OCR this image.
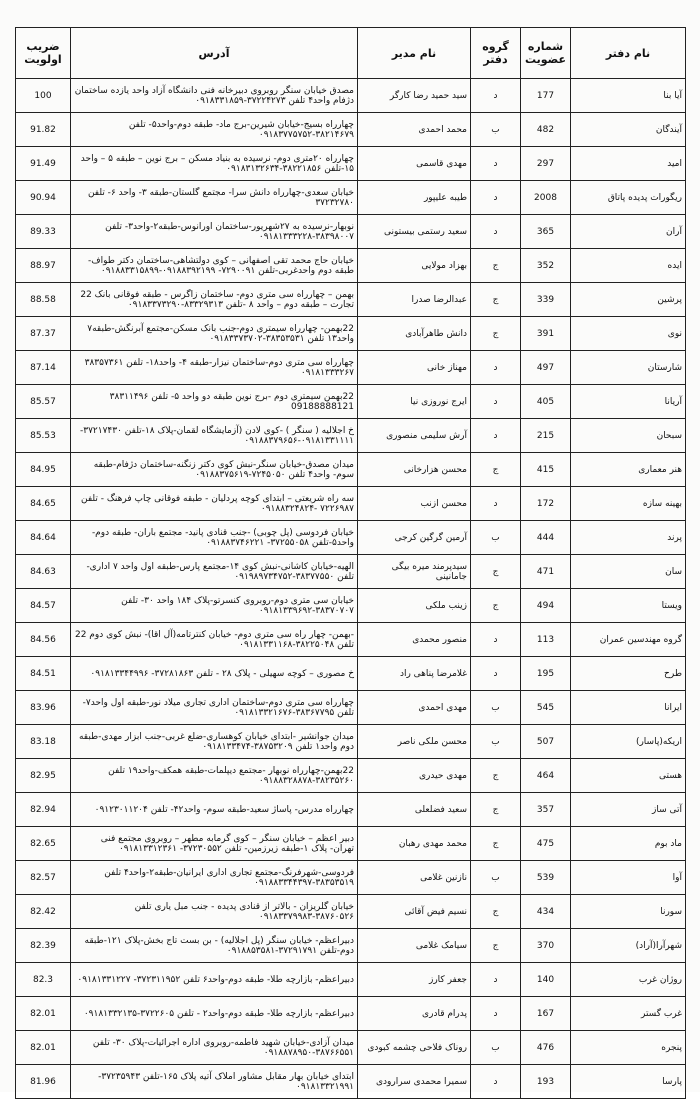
نام دفتر	شماره عضویت	گروه دفتر	نام مدیر	آدرس	ضریب اولویت
آیا بنا	177	د	سید حمید رضا کارگر	مصدق خیابان سنگر روبروی دبیرخانه فنی دانشگاه آزاد واحد یازده ساختمان دژفام واحد۴ تلفن ۳۷۲۲۴۲۷۳-۰۹۱۸۳۳۱۸۵۹	100
آیندگان	482	ب	محمد احمدی	چهارراه بسیج-خیابان شیرین-برج ماد- طبقه دوم-واحد۵- تلفن ۳۸۲۱۴۶۷۹-۰۹۱۸۳۷۷۵۷۵۲	91.82
امید	297	د	مهدی قاسمی	چهارراه ۲۰متری دوم- نرسیده به بنیاد مسکن – برج نوین – طبقه ۵ – واحد ۱۵-تلفن ۳۸۲۲۱۸۵۶-۰۹۱۸۳۱۳۲۶۳۴	91.49
ریگورات پدیده پاتاق	2008	د	طیبه علیپور	خیابان سعدی-چهارراه دانش سرا- مجتمع گلستان-طبقه ۳- واحد ۶- تلفن ۳۷۲۳۲۷۸۰	90.94
آران	365	د	سعید رستمی بیستونی	نوبهار-نرسیده به ۲۷شهریور-ساختمان اورانوس-طبقه۲-واحد۳- تلفن ۳۸۳۹۸۰۰۷-۰۹۱۸۱۳۳۳۲۲۸	89.33
ایده	352	ج	بهزاد مولایی	خیابان حاج محمد تقی اصفهانی – کوی دولتشاهی-ساختمان دکتر طواف-طبقه دوم واحدغربی-تلفن ۷۲۹۰۰۹۱- ۰۹۱۸۸۳۹۲۱۹۹-۰۹۱۸۸۳۳۱۵۸۹۹	88.97
پرشین	339	ج	عبدالرضا صدرا	بهمن – چهارراه سی متری دوم- ساختمان زاگرس - طبقه فوقانی بانک 22 تجارت – طبقه دوم – واحد ۸ -تلفن ۸۳۳۲۹۳۱۳-۰۹۱۸۳۳۷۳۲۹۰	88.58
نوی	391	ج	دانش طاهرآبادی	22بهمن- چهارراه سیمتری دوم-جنب بانک مسکن-مجتمع آبرنگش-طبقه۷ واحد۱۳ تلفن ۳۸۳۵۳۵۳۱-۰۹۱۸۳۳۷۳۷۰۲	87.37
شارستان	497	د	مهناز خانی	چهارراه سی متری دوم-ساختمان نیزار-طبقه ۴- واحد۱۸- تلفن ۳۸۳۵۷۳۶۱ ۰۹۱۸۱۳۳۳۲۶۷	87.14
آریانا	405	د	ایرج نوروزی نیا	22بهمن سیمتری دوم -برج نوین طبقه دو واحد ۵- تلفن ۳۸۳۱۱۴۹۶ 09188888121	85.57
سبحان	215	د	آرش سلیمی منصوری	خ اجلالیه ( سنگر ) -کوی لادن (آزمایشگاه لقمان-پلاک ۱۸-تلفن ۳۷۲۱۷۴۳۰- ۰۹۱۸۱۳۳۱۱۱۱-۰۹۱۸۸۳۷۹۶۵۶	85.53
هنر معماری	415	ج	محسن هزارخانی	میدان مصدق-خیابان سنگر-نبش کوی دکتر زنگنه-ساختمان دژفام-طبقه سوم- واحد۴ تلفن ۷۲۴۵۰۵۰-۰۹۱۸۸۳۷۵۶۱۹	84.95
بهینه سازه	172	د	محسن ازنب	سه راه شریعتی – ابتدای کوچه پردلیان - طبقه فوقانی چاپ فرهنگ - تلفن ۷۲۲۶۹۸۷ -۰۹۱۸۸۳۲۴۸۲۴	84.65
پرند	444	ب	آرمین گرگین کرجی	خیابان فردوسی (پل چوبی) -جنب قنادی پانید- مجتمع باران- طبقه دوم-واحد۵-تلفن ۳۷۲۵۵۰۵۸- ۰۹۱۸۸۳۷۴۶۲۲۱	84.64
سان	471	ج	سیدپرمند میره بیگی جامانینی	الهیه-خیابان کاشانی-نبش کوی ۱۴-مجتمع پارس-طبقه اول واحد ۷ اداری-تلفن ۳۸۳۷۷۵۵۰-۰۹۱۹۸۹۷۳۴۷۵۲	84.63
ویستا	494	ج	زینب ملکی	خیابان سی متری دوم-روبروی کنسرتو-پلاک ۱۸۴ واحد ۳۰- تلفن ۳۸۳۷۰۷۰۷-۰۹۱۸۱۳۳۹۶۹۲	84.57
گروه مهندسین عمران	113	د	منصور محمدی	-بهمن- چهار راه سی متری دوم- خیابان کنترتامه(آل اقا)- نبش کوی دوم 22 تلفن ۳۸۲۲۵۰۴۸-۰۹۱۸۱۳۳۱۱۶۸	84.56
طرح	195	د	غلامرضا پناهی راد	خ مصوری – کوچه سهیلی - پلاک ۲۸ - تلفن ۳۷۲۸۱۸۶۳- ۰۹۱۸۱۳۳۴۴۹۹۶	84.51
ایرانا	545	ب	مهدی احمدی	چهارراه سی متری دوم-ساختمان اداری تجاری میلاد نور-طبقه اول واحد۷- تلفن ۳۸۳۶۷۷۹۵-۰۹۱۸۱۳۳۲۱۶۷۶	83.96
اریکه(پاسار)	507	ب	محسن ملکی ناصر	میدان جوانشیر -ابتدای خیابان کوهساری-ضلع غربی-جنب ابزار مهدی-طبقه دوم واحد۱ تلفن ۳۸۷۵۳۲۰۹-۰۹۱۸۱۳۳۴۷۴	83.18
هستی	464	ج	مهدی حیدری	22بهمن-چهارراه نوبهار -مجتمع دیپلمات-طبقه همکف-واحد۱۹ تلفن ۳۸۲۳۵۲۶۰-۰۹۱۸۸۳۲۸۸۷۸	82.95
آتی ساز	357	ج	سعید فضلعلی	چهارراه مدرس- پاساژ سعید-طبقه سوم- واحد۴۲- تلفن ۰۹۱۲۳۰۱۱۲۰۴	82.94
ماد بوم	475	ج	محمد مهدی رهبان	دبیر اعظم – خیابان سنگر – کوی گرمابه مطهر – روبروی مجتمع فنی تهران- پلاک ۱-طبقه زیرزمین- تلفن ۳۷۲۳۰۵۵۲- ۰۹۱۸۱۳۳۱۲۳۶۱	82.65
آوا	539	ب	نازنین غلامی	فردوسی-شهرفرنگ-مجتمع تجاری اداری ایرانیان-طبقه۲-واحد۴ تلفن ۳۸۳۵۳۵۱۹-۰۹۱۸۸۳۳۴۴۳۹۷	82.57
سورنا	434	ج	نسیم فیض آقائی	خیابان گلریزان - بالاتر از قنادی پدیده - جنب مبل یاری تلفن ۳۸۷۶۰۵۲۶-۰۹۱۸۳۳۷۹۹۸۳	82.42
شهرآرا(آراد)	370	ج	سیامک غلامی	دبیراعظم- خیابان سنگر (پل اجلالیه) - بن بست تاج بخش-پلاک ۱۲۱-طبقه دوم-تلفن ۳۷۲۹۱۷۹۱-۰۹۱۸۸۵۳۵۸۱	82.39
روژان غرب	140	د	جعفر کارز	دبیراعظم- بازارچه طلا- طبقه دوم-واحد۶ تلفن ۳۷۲۳۱۱۹۵۲- ۰۹۱۸۱۳۳۱۲۲۷	82.3
غرب گستر	167	د	پدرام قادری	دبیراعظم- بازارچه طلا- طبقه دوم-واحد۲ - تلفن ۳۷۲۲۶۰۵-۰۹۱۸۱۳۳۲۱۳۵	82.01
پنجره	476	ب	روناک فلاحی چشمه کبودی	میدان آزادی-خیابان شهید فاطمه-روبروی اداره اجرائیات-پلاک ۳۰- تلفن ۳۸۷۶۶۵۵۱-۰۹۱۸۸۷۸۹۵۰	82.01
پارسا	193	د	سمیرا محمدی سرارودی	ابتدای خیابان بهار مقابل مشاور املاک آتیه پلاک ۱۶۵-تلفن ۳۷۲۳۵۹۴۳- ۰۹۱۸۱۳۳۲۱۹۹۱	81.96
